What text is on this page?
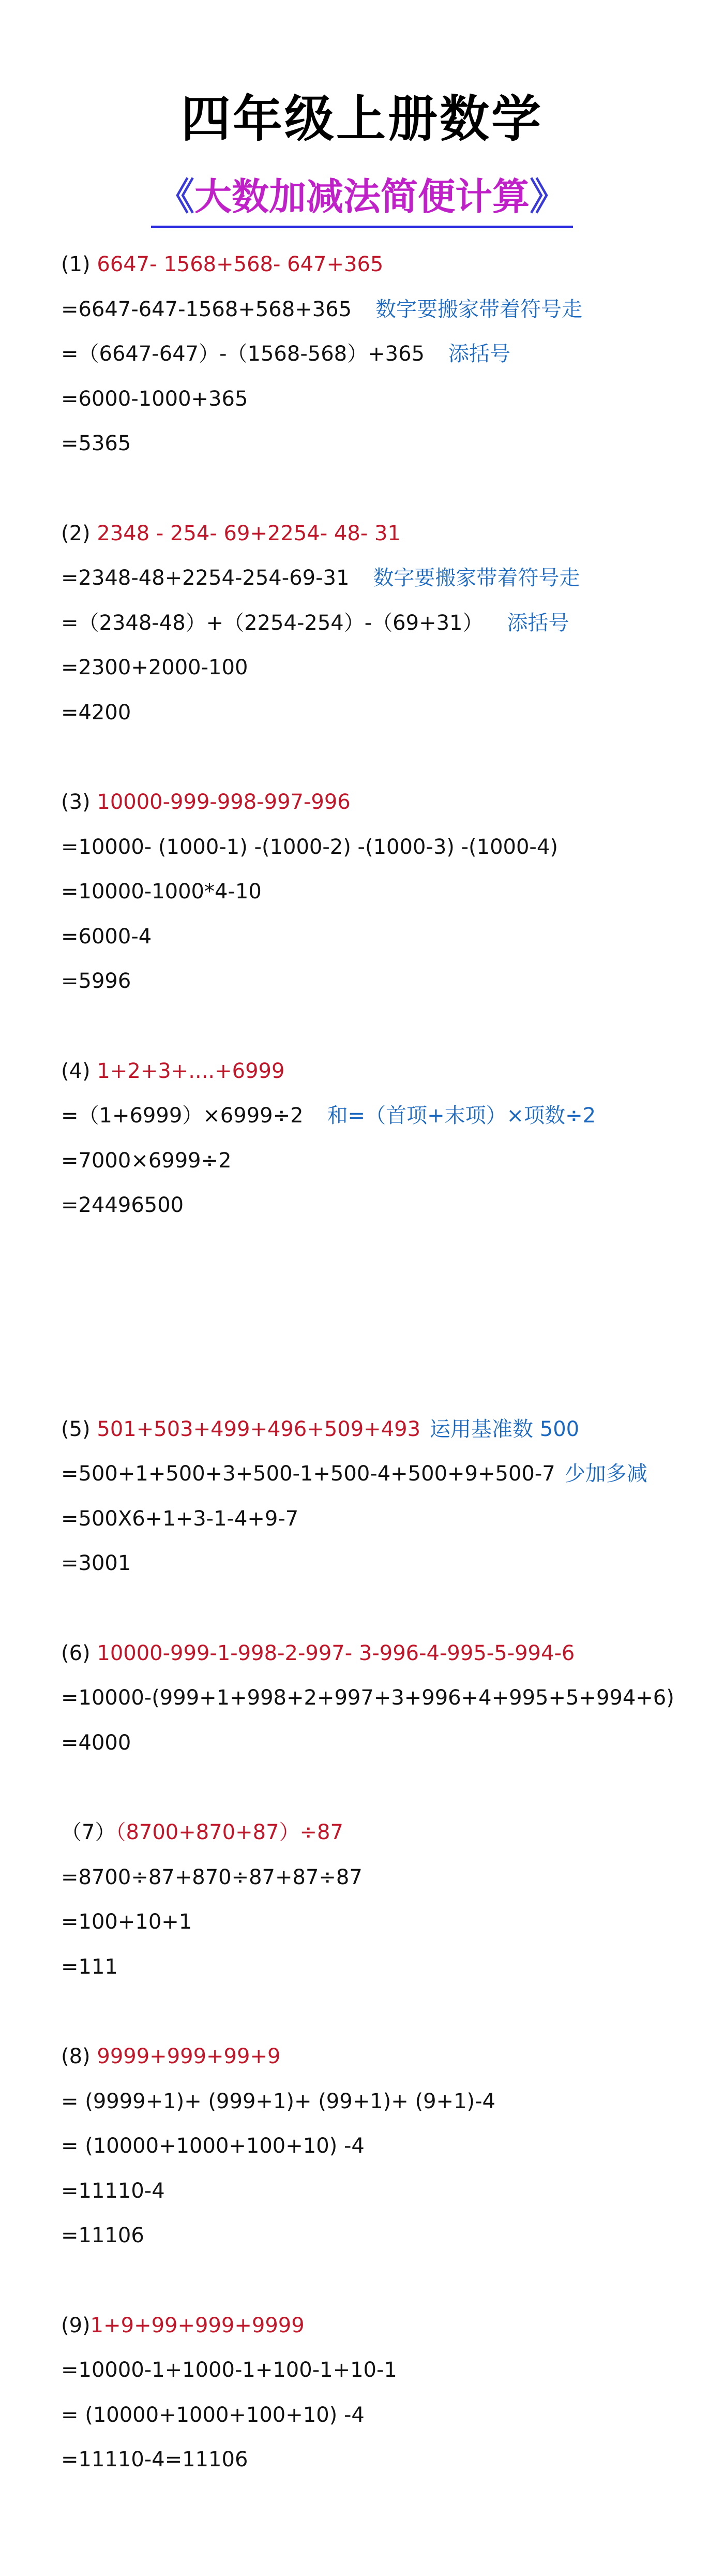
四年级上册数学
《大数加减法简便计算》
(1) 6647- 1568+568- 647+365
=6647-647-1568+568+365 数字要搬家带着符号走
=（6647-647）-（1568-568）+365 添括号
=6000-1000+365
=5365
(2) 2348 - 254- 69+2254- 48- 31
=2348-48+2254-254-69-31 数字要搬家带着符号走
=（2348-48）+（2254-254）-（69+31） 添括号
=2300+2000-100
=4200
(3) 10000-999-998-997-996
=10000- (1000-1) -(1000-2) -(1000-3) -(1000-4)
=10000-1000*4-10
=6000-4
=5996
(4) 1+2+3+....+6999
=（1+6999）×6999÷2 和=（首项+末项）×项数÷2
=7000×6999÷2
=24496500
(5) 501+503+499+496+509+493 运用基准数 500
=500+1+500+3+500-1+500-4+500+9+500-7 少加多减
=500X6+1+3-1-4+9-7
=3001
(6) 10000-999-1-998-2-997- 3-996-4-995-5-994-6
=10000-(999+1+998+2+997+3+996+4+995+5+994+6)
=4000
（7）（8700+870+87）÷87
=8700÷87+870÷87+87÷87
=100+10+1
=111
(8) 9999+999+99+9
= (9999+1)+ (999+1)+ (99+1)+ (9+1)-4
= (10000+1000+100+10) -4
=11110-4
=11106
(9)1+9+99+999+9999
=10000-1+1000-1+100-1+10-1
= (10000+1000+100+10) -4
=11110-4=11106
